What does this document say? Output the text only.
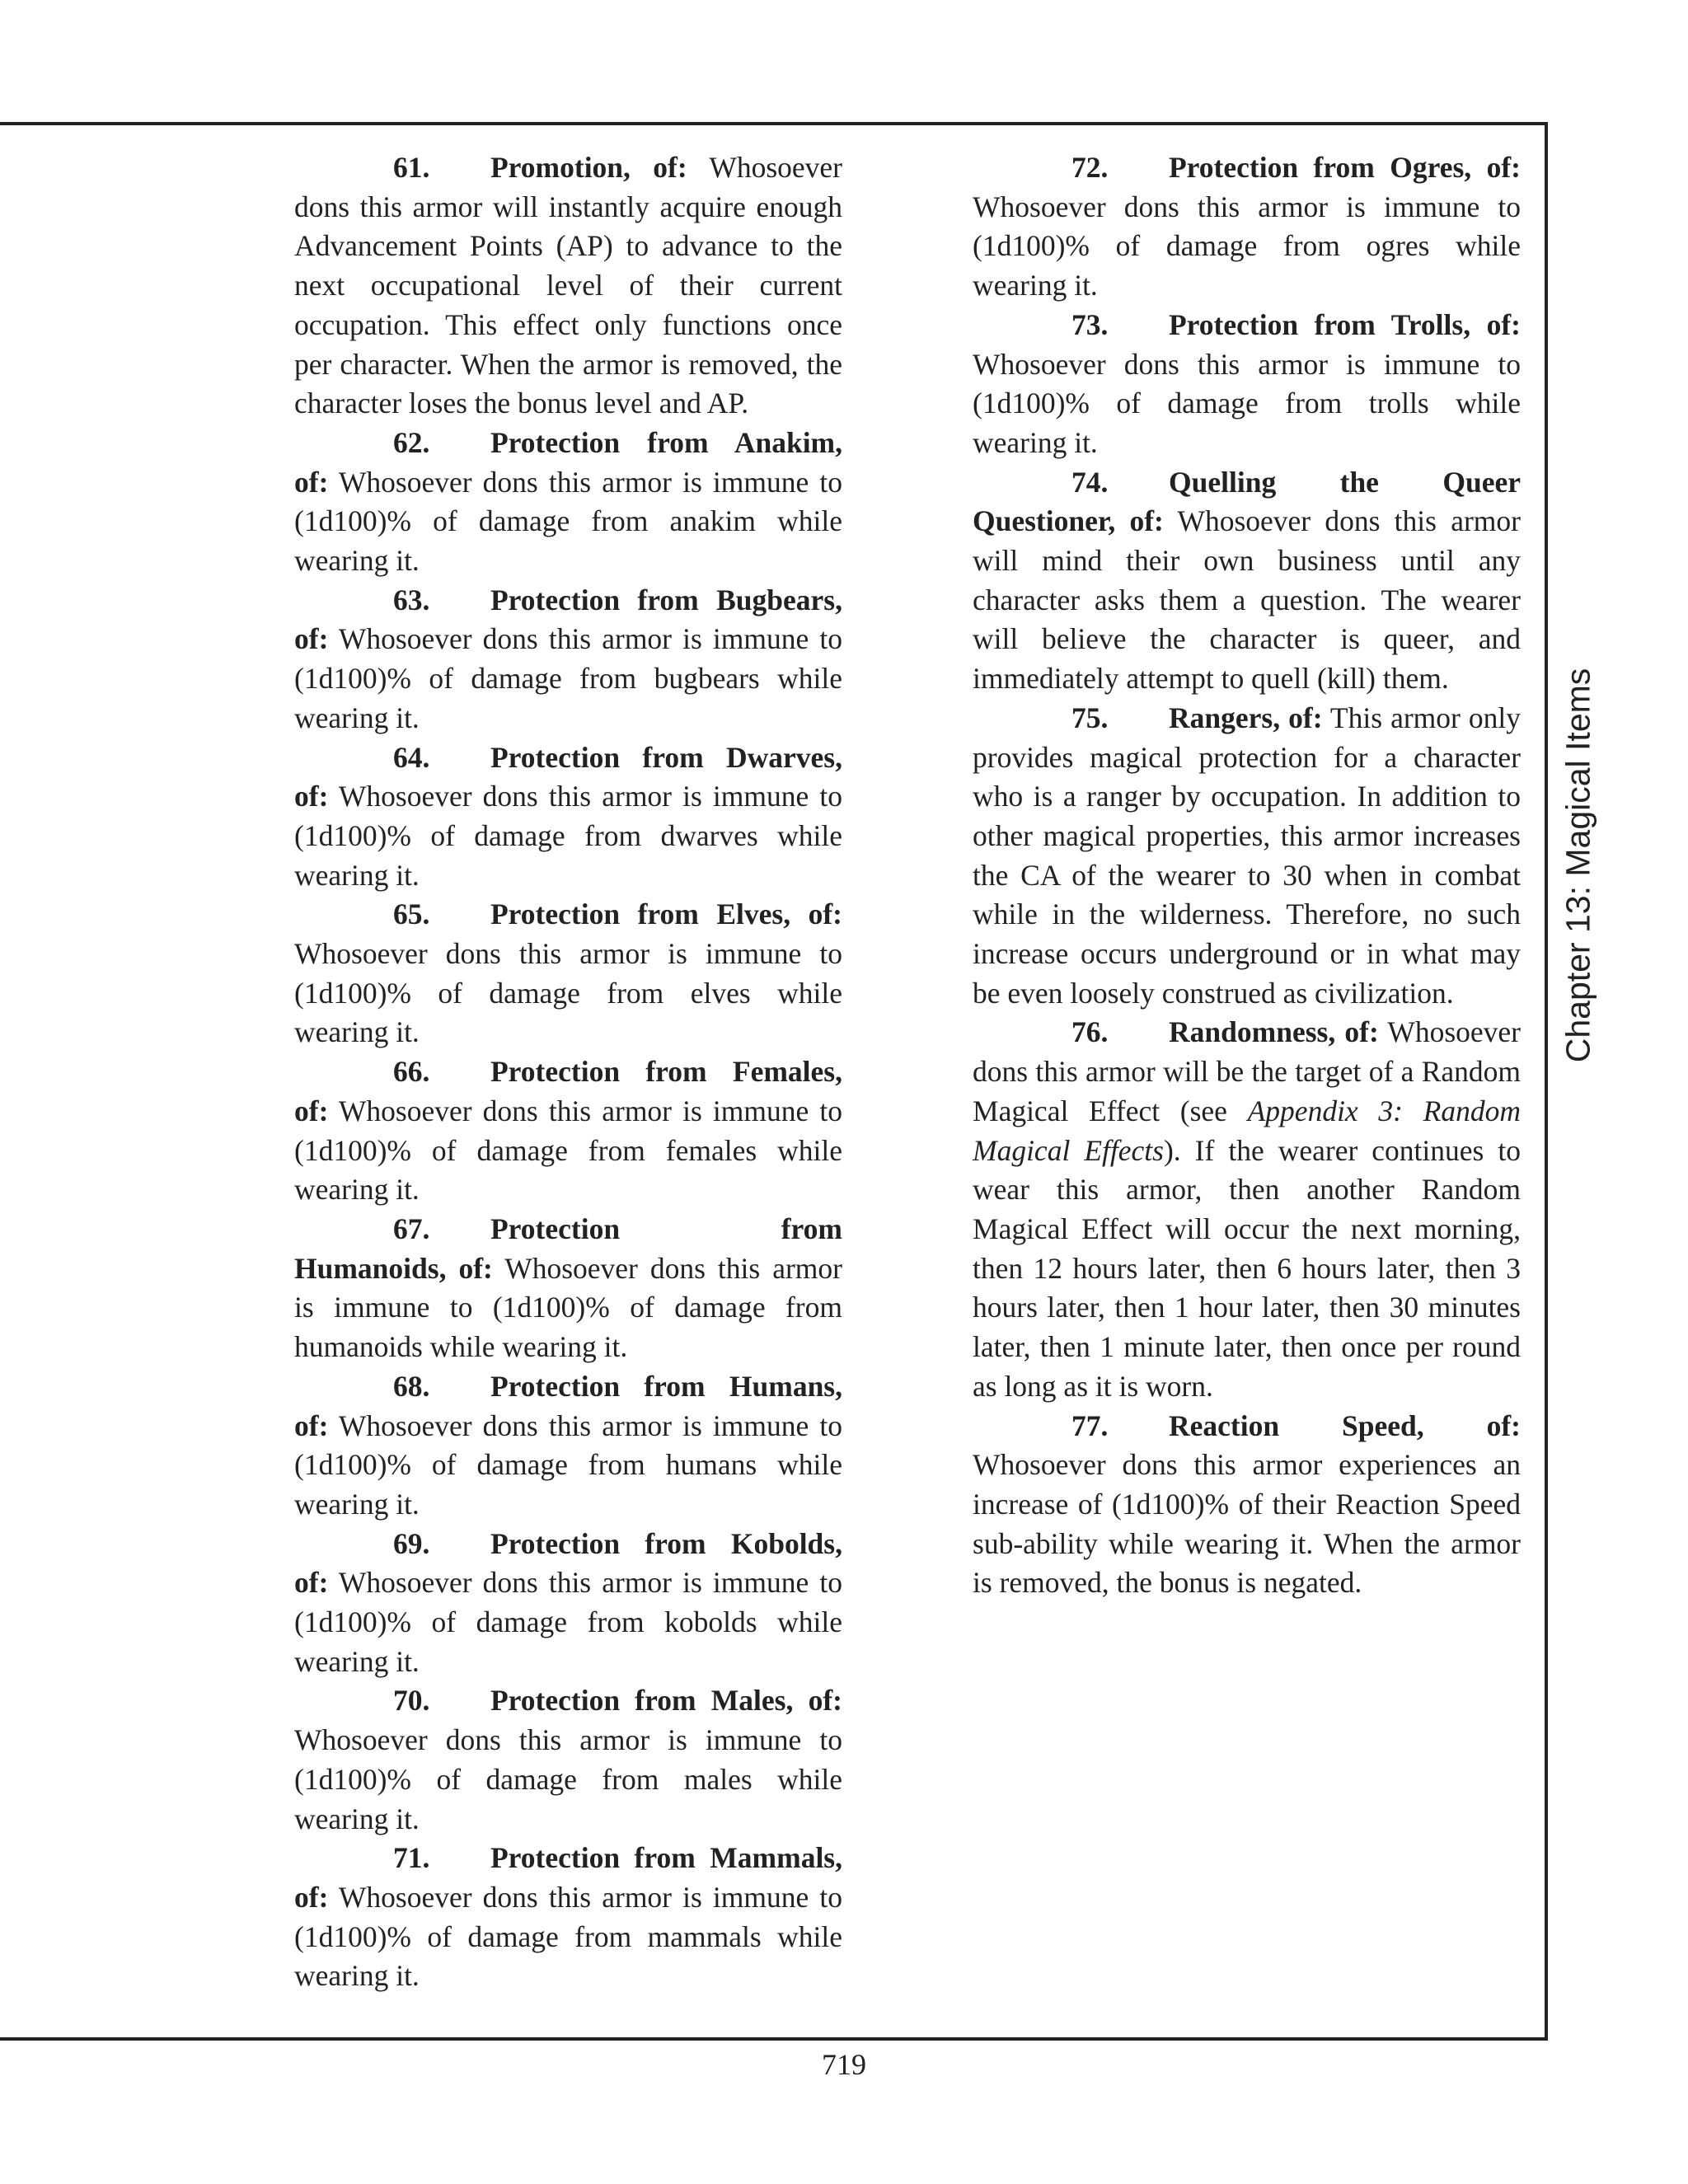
61. Promotion, of: Whosoever dons this armor will instantly acquire enough Advancement Points (AP) to advance to the next occupational level of their current occupation. This effect only functions once per character. When the armor is removed, the character loses the bonus level and AP.

62. Protection from Anakim, of: Whosoever dons this armor is immune to (1d100)% of damage from anakim while wearing it.

63. Protection from Bugbears, of: Whosoever dons this armor is immune to (1d100)% of damage from bugbears while wearing it.

64. Protection from Dwarves, of: Whosoever dons this armor is immune to (1d100)% of damage from dwarves while wearing it.

65. Protection from Elves, of: Whosoever dons this armor is immune to (1d100)% of damage from elves while wearing it.

66. Protection from Females, of: Whosoever dons this armor is immune to (1d100)% of damage from females while wearing it.

67. Protection from Humanoids, of: Whosoever dons this armor is immune to (1d100)% of damage from humanoids while wearing it.

68. Protection from Humans, of: Whosoever dons this armor is immune to (1d100)% of damage from humans while wearing it.

69. Protection from Kobolds, of: Whosoever dons this armor is immune to (1d100)% of damage from kobolds while wearing it.

70. Protection from Males, of: Whosoever dons this armor is immune to (1d100)% of damage from males while wearing it.

71. Protection from Mammals, of: Whosoever dons this armor is immune to (1d100)% of damage from mammals while wearing it.

72. Protection from Ogres, of: Whosoever dons this armor is immune to (1d100)% of damage from ogres while wearing it.

73. Protection from Trolls, of: Whosoever dons this armor is immune to (1d100)% of damage from trolls while wearing it.

74. Quelling the Queer Questioner, of: Whosoever dons this armor will mind their own business until any character asks them a question. The wearer will believe the character is queer, and immediately attempt to quell (kill) them.

75. Rangers, of: This armor only provides magical protection for a character who is a ranger by occupation. In addition to other magical properties, this armor increases the CA of the wearer to 30 when in combat while in the wilderness. Therefore, no such increase occurs underground or in what may be even loosely construed as civilization.

76. Randomness, of: Whosoever dons this armor will be the target of a Random Magical Effect (see Appendix 3: Random Magical Effects). If the wearer continues to wear this armor, then another Random Magical Effect will occur the next morning, then 12 hours later, then 6 hours later, then 3 hours later, then 1 hour later, then 30 minutes later, then 1 minute later, then once per round as long as it is worn.

77. Reaction Speed, of: Whosoever dons this armor experiences an increase of (1d100)% of their Reaction Speed sub-ability while wearing it. When the armor is removed, the bonus is negated.

Chapter 13: Magical Items
719
